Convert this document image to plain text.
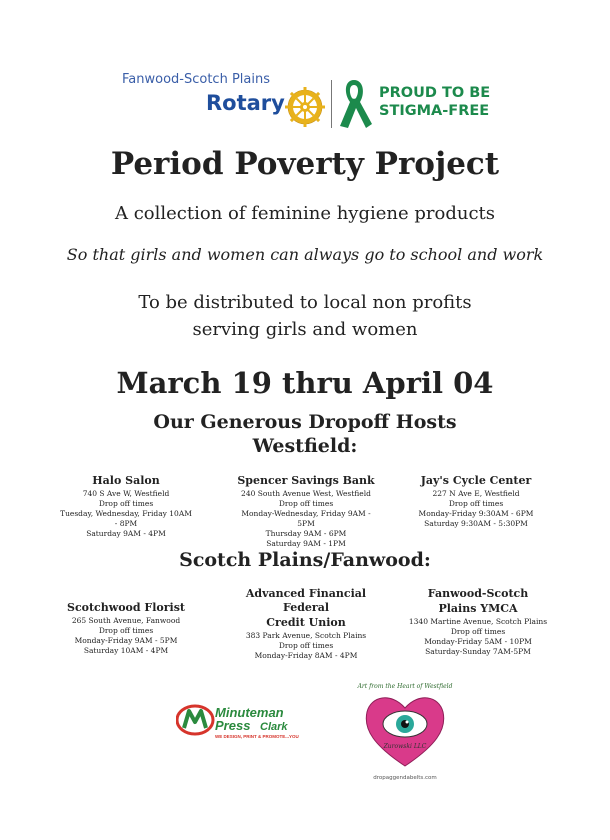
Fanwood-Scotch Plains
Rotary	PROUD TO BE
STIGMA-FREE
Period Poverty Project
A collection of feminine hygiene products
So that girls and women can always go to school and work
To be distributed to local non profits
serving girls and women
March 19 thru April 04
Our Generous Dropoff Hosts
Westfield:
Halo Salon
740 S Ave W, Westfield
Drop off times
Tuesday, Wednesday, Friday 10AM - 8PM
Saturday 9AM - 4PM
Spencer Savings Bank
240 South Avenue West, Westfield
Drop off times
Monday-Wednesday, Friday 9AM - 5PM
Thursday 9AM - 6PM
Saturday 9AM - 1PM
Jay's Cycle Center
227 N Ave E, Westfield
Drop off times
Monday-Friday 9:30AM - 6PM
Saturday 9:30AM - 5:30PM
Scotch Plains/Fanwood:
Scotchwood Florist
265 South Avenue, Fanwood
Drop off times
Monday-Friday 9AM - 5PM
Saturday 10AM - 4PM
Advanced Financial Federal
Credit Union
383 Park Avenue, Scotch Plains
Drop off times
Monday-Friday 8AM - 4PM
Fanwood-Scotch
Plains YMCA
1340 Martine Avenue, Scotch Plains
Drop off times
Monday-Friday 5AM - 10PM
Saturday-Sunday 7AM-5PM
Minuteman
Press Clark
WE DESIGN, PRINT & PROMOTE...YOU
Art from the Heart of Westfield
Zurowski LLC
dropaggendabelts.com
